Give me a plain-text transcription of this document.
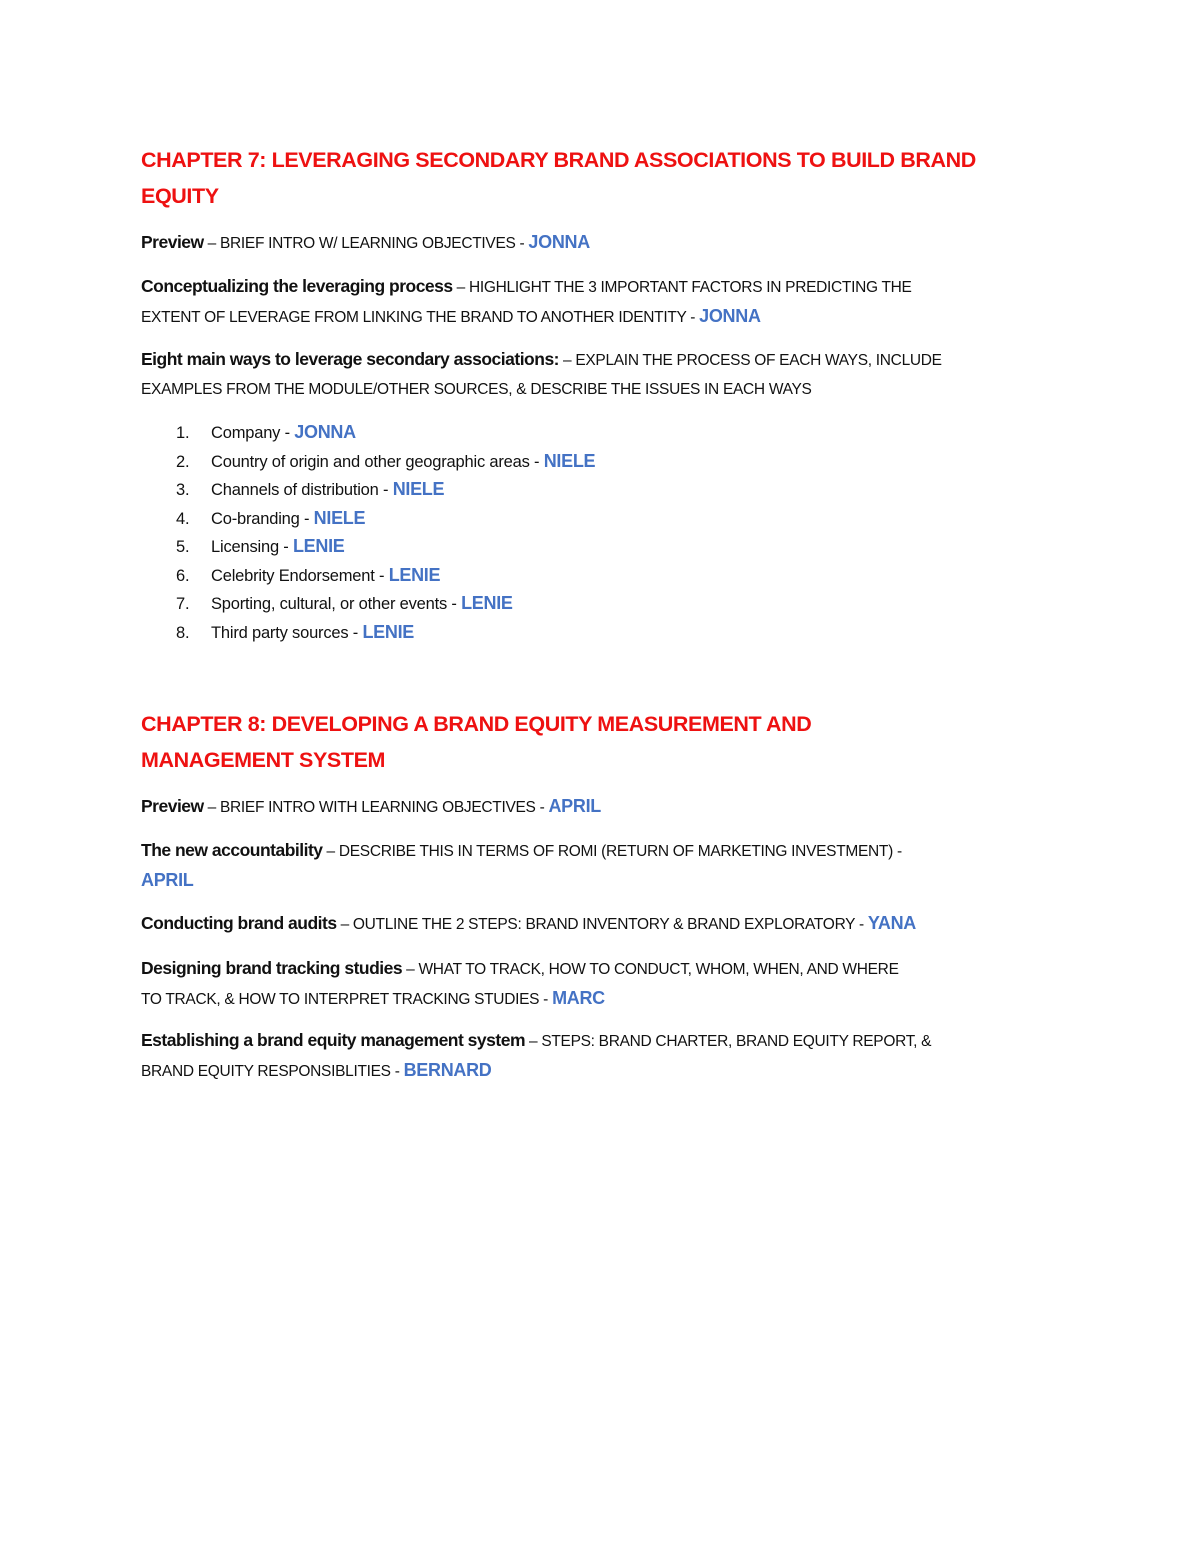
CHAPTER 7: LEVERAGING SECONDARY BRAND ASSOCIATIONS TO BUILD BRAND
EQUITY
Preview – BRIEF INTRO W/ LEARNING OBJECTIVES - JONNA
Conceptualizing the leveraging process – HIGHLIGHT THE 3 IMPORTANT FACTORS IN PREDICTING THE
EXTENT OF LEVERAGE FROM LINKING THE BRAND TO ANOTHER IDENTITY - JONNA
Eight main ways to leverage secondary associations: – EXPLAIN THE PROCESS OF EACH WAYS, INCLUDE
EXAMPLES FROM THE MODULE/OTHER SOURCES, & DESCRIBE THE ISSUES IN EACH WAYS
1. Company - JONNA
2. Country of origin and other geographic areas - NIELE
3. Channels of distribution - NIELE
4. Co-branding - NIELE
5. Licensing - LENIE
6. Celebrity Endorsement - LENIE
7. Sporting, cultural, or other events - LENIE
8. Third party sources - LENIE
CHAPTER 8: DEVELOPING A BRAND EQUITY MEASUREMENT AND
MANAGEMENT SYSTEM
Preview – BRIEF INTRO WITH LEARNING OBJECTIVES - APRIL
The new accountability – DESCRIBE THIS IN TERMS OF ROMI (RETURN OF MARKETING INVESTMENT) -
APRIL
Conducting brand audits – OUTLINE THE 2 STEPS: BRAND INVENTORY & BRAND EXPLORATORY - YANA
Designing brand tracking studies – WHAT TO TRACK, HOW TO CONDUCT, WHOM, WHEN, AND WHERE
TO TRACK, & HOW TO INTERPRET TRACKING STUDIES - MARC
Establishing a brand equity management system – STEPS: BRAND CHARTER, BRAND EQUITY REPORT, &
BRAND EQUITY RESPONSIBLITIES - BERNARD
